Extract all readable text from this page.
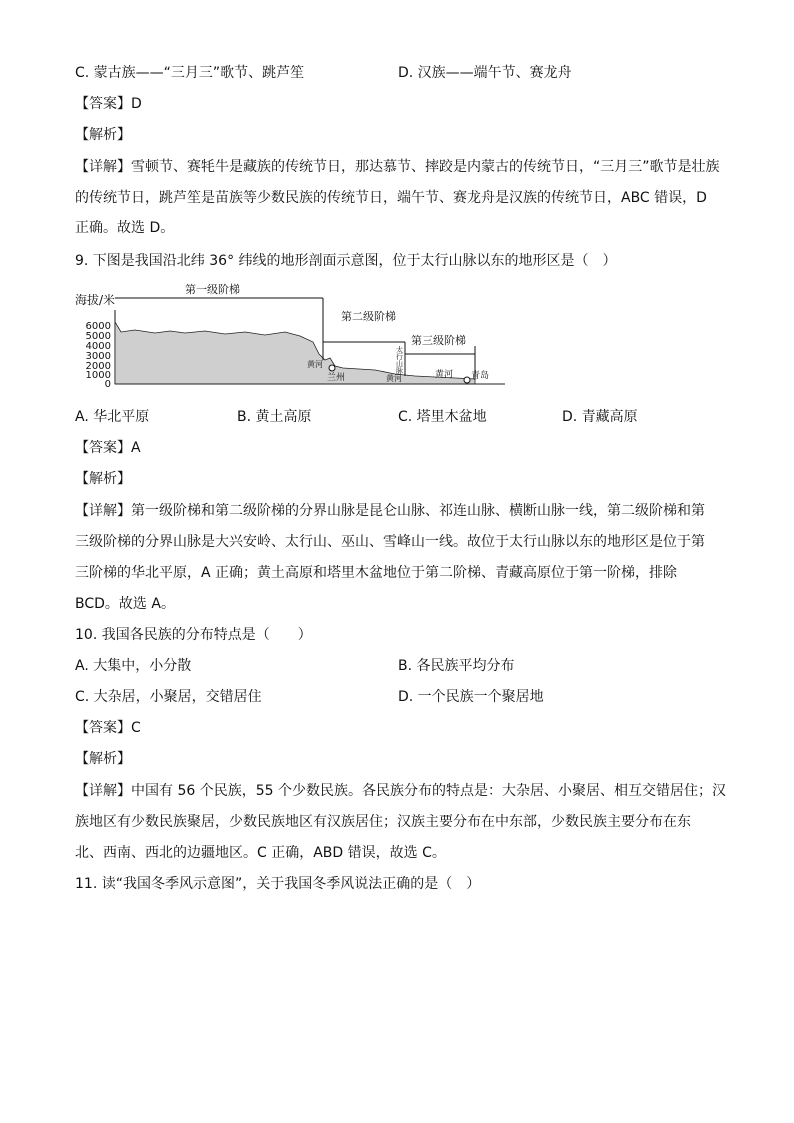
C. 蒙古族——“三月三”歌节、跳芦笙	D. 汉族——端午节、赛龙舟
【答案】D
【解析】
【详解】雪顿节、赛牦牛是藏族的传统节日，那达慕节、摔跤是内蒙古的传统节日，“三月三”歌节是壮族
的传统节日，跳芦笙是苗族等少数民族的传统节日，端午节、赛龙舟是汉族的传统节日，ABC 错误，D
正确。故选 D。
9. 下图是我国沿北纬 36° 纬线的地形剖面示意图，位于太行山脉以东的地形区是（　）
海拔/米
6000
5000
4000
3000
2000
1000
0
第一级阶梯
第二级阶梯
第三级阶梯
太
行
山
脉
黄河
兰州	黄河	黄河 青岛
A. 华北平原	B. 黄土高原	C. 塔里木盆地	D. 青藏高原
【答案】A
【解析】
【详解】第一级阶梯和第二级阶梯的分界山脉是昆仑山脉、祁连山脉、横断山脉一线，第二级阶梯和第
三级阶梯的分界山脉是大兴安岭、太行山、巫山、雪峰山一线。故位于太行山脉以东的地形区是位于第
三阶梯的华北平原，A 正确；黄土高原和塔里木盆地位于第二阶梯、青藏高原位于第一阶梯，排除
BCD。故选 A。
10. 我国各民族的分布特点是（　　）
A. 大集中，小分散	B. 各民族平均分布
C. 大杂居，小聚居，交错居住	D. 一个民族一个聚居地
【答案】C
【解析】
【详解】中国有 56 个民族，55 个少数民族。各民族分布的特点是：大杂居、小聚居、相互交错居住；汉
族地区有少数民族聚居，少数民族地区有汉族居住；汉族主要分布在中东部，少数民族主要分布在东
北、西南、西北的边疆地区。C 正确，ABD 错误，故选 C。
11. 读“我国冬季风示意图”，关于我国冬季风说法正确的是（　）
